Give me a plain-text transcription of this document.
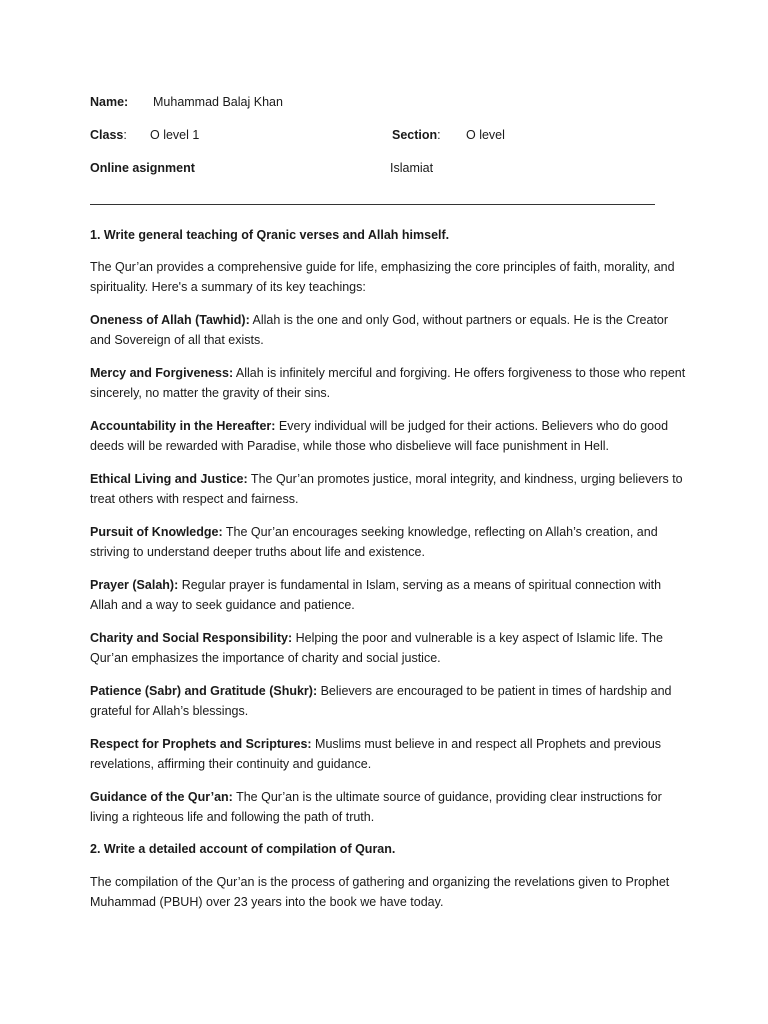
Name: Muhammad Balaj Khan
Class: O level 1	Section: O level
Online asignment	Islamiat

1. Write general teaching of Qranic verses and Allah himself.

The Qur’an provides a comprehensive guide for life, emphasizing the core principles of faith, morality, and spirituality. Here's a summary of its key teachings:

Oneness of Allah (Tawhid): Allah is the one and only God, without partners or equals. He is the Creator and Sovereign of all that exists.

Mercy and Forgiveness: Allah is infinitely merciful and forgiving. He offers forgiveness to those who repent sincerely, no matter the gravity of their sins.

Accountability in the Hereafter: Every individual will be judged for their actions. Believers who do good deeds will be rewarded with Paradise, while those who disbelieve will face punishment in Hell.

Ethical Living and Justice: The Qur’an promotes justice, moral integrity, and kindness, urging believers to treat others with respect and fairness.

Pursuit of Knowledge: The Qur’an encourages seeking knowledge, reflecting on Allah’s creation, and striving to understand deeper truths about life and existence.

Prayer (Salah): Regular prayer is fundamental in Islam, serving as a means of spiritual connection with Allah and a way to seek guidance and patience.

Charity and Social Responsibility: Helping the poor and vulnerable is a key aspect of Islamic life. The Qur’an emphasizes the importance of charity and social justice.

Patience (Sabr) and Gratitude (Shukr): Believers are encouraged to be patient in times of hardship and grateful for Allah’s blessings.

Respect for Prophets and Scriptures: Muslims must believe in and respect all Prophets and previous revelations, affirming their continuity and guidance.

Guidance of the Qur’an: The Qur’an is the ultimate source of guidance, providing clear instructions for living a righteous life and following the path of truth.

2. Write a detailed account of compilation of Quran.

The compilation of the Qur’an is the process of gathering and organizing the revelations given to Prophet Muhammad (PBUH) over 23 years into the book we have today.
